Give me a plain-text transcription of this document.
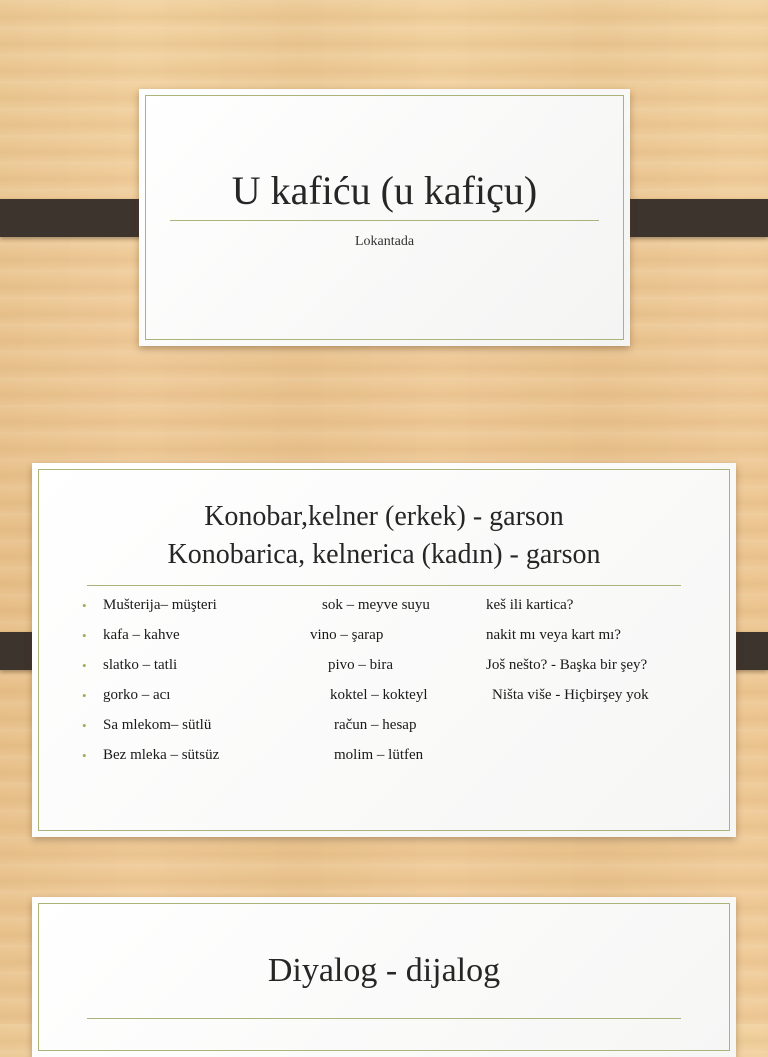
U kafiću (u kafiçu)
Lokantada
Konobar,kelner (erkek) - garson
Konobarica, kelnerica (kadın) - garson
• Mušterija– müşteri	sok – meyve suyu	keš ili kartica?
• kafa – kahve	vino – şarap	nakit mı veya kart mı?
• slatko – tatli	pivo – bira	Još nešto? - Başka bir şey?
• gorko – acı	koktel – kokteyl	Ništa više - Hiçbirşey yok
• Sa mlekom– sütlü	račun – hesap
• Bez mleka – sütsüz	molim – lütfen
Diyalog - dijalog
